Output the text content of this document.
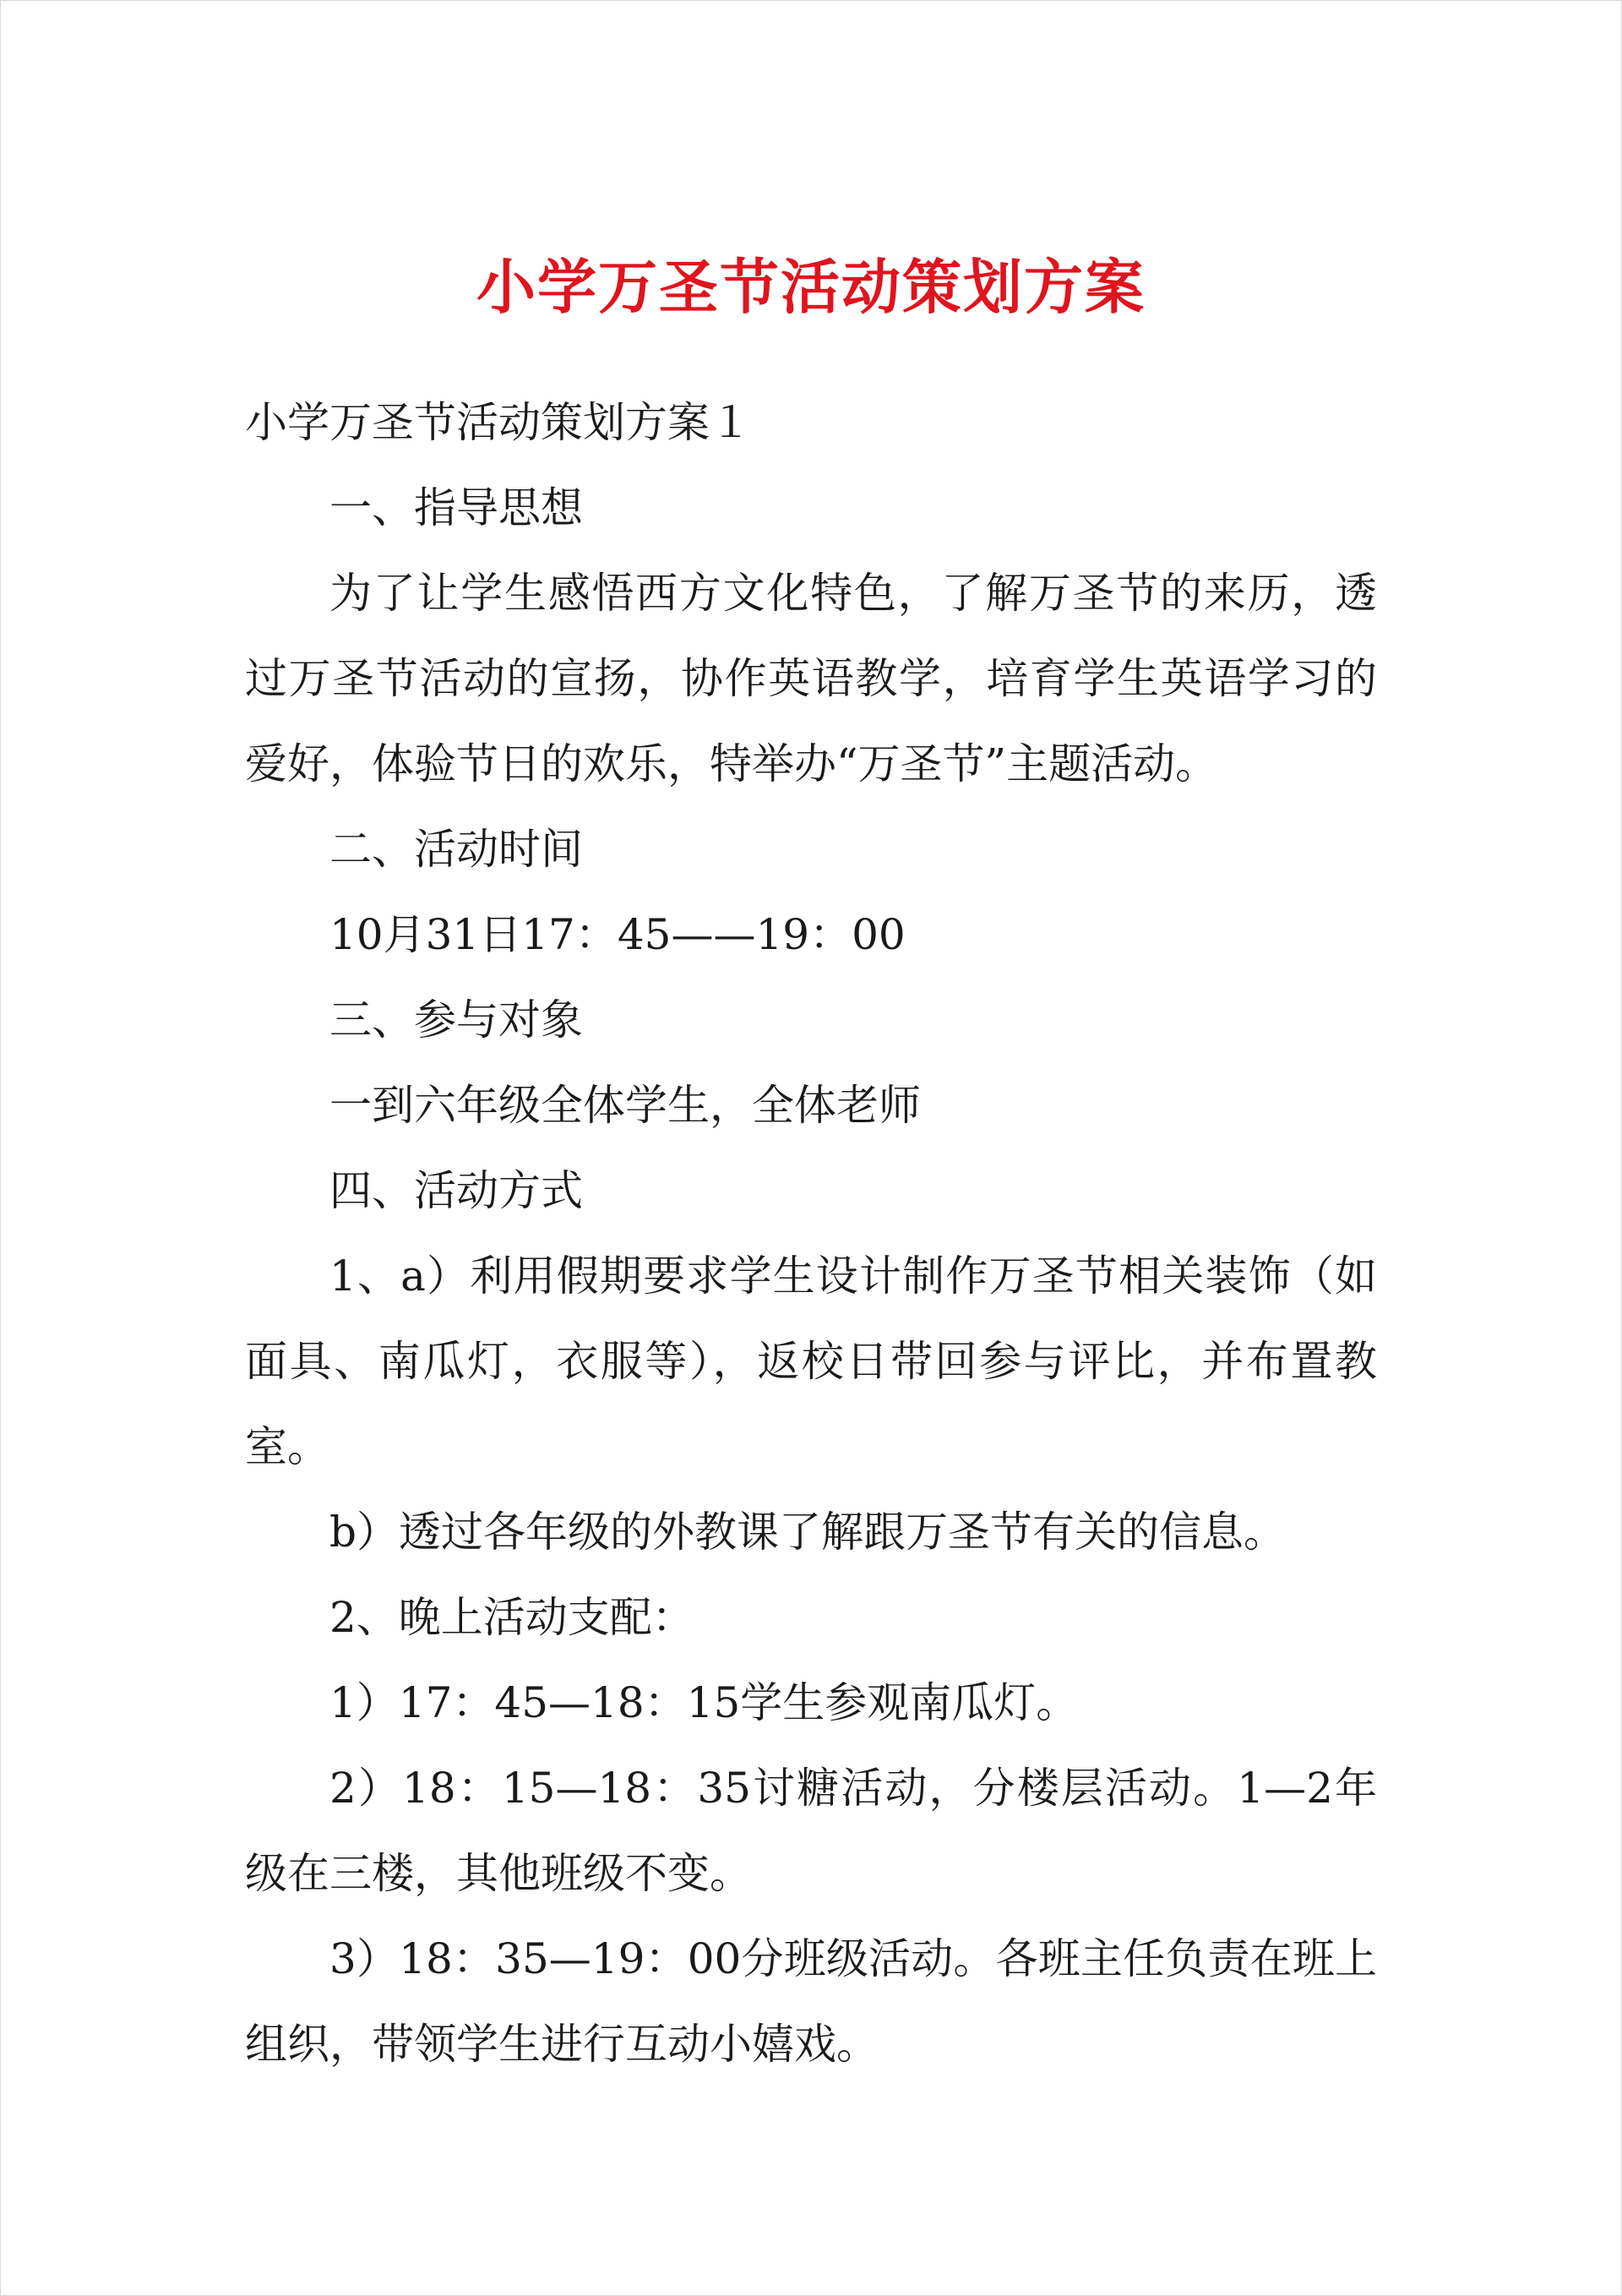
小学万圣节活动策划方案

小学万圣节活动策划方案１

一、指导思想

为了让学生感悟西方文化特色，了解万圣节的来历，透过万圣节活动的宣扬，协作英语教学，培育学生英语学习的爱好，体验节日的欢乐，特举办“万圣节”主题活动。

二、活动时间

10月31日17：45——19：00

三、参与对象

一到六年级全体学生，全体老师

四、活动方式

1、a）利用假期要求学生设计制作万圣节相关装饰（如面具、南瓜灯，衣服等），返校日带回参与评比，并布置教室。

b）透过各年级的外教课了解跟万圣节有关的信息。

2、晚上活动支配：

1）17：45—18：15学生参观南瓜灯。

2）18：15—18：35讨糖活动，分楼层活动。1—2年级在三楼，其他班级不变。

3）18：35—19：00分班级活动。各班主任负责在班上组织，带领学生进行互动小嬉戏。
